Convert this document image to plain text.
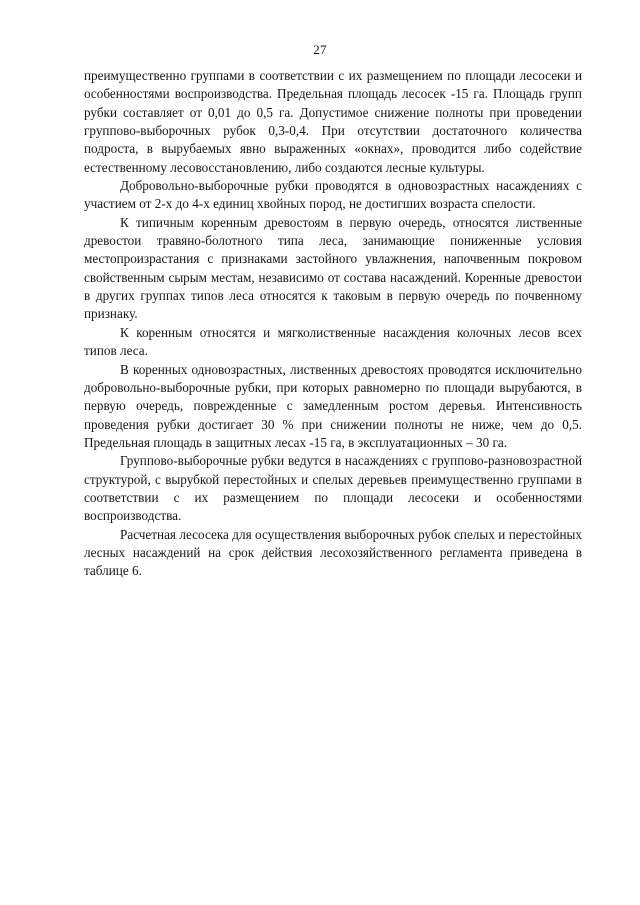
27

преимущественно группами в соответствии с их размещением по площади лесосеки и особенностями воспроизводства. Предельная площадь лесосек -15 га. Площадь групп рубки составляет от 0,01 до 0,5 га. Допустимое снижение полноты при проведении группово-выборочных рубок 0,3-0,4. При отсутствии достаточного количества подроста, в вырубаемых явно выраженных «окнах», проводится либо содействие естественному лесовосстановлению, либо создаются лесные культуры.

Добровольно-выборочные рубки проводятся в одновозрастных насаждениях с участием от 2-х до 4-х единиц хвойных пород, не достигших возраста спелости.

К типичным коренным древостоям в первую очередь, относятся лиственные древостои травяно-болотного типа леса, занимающие пониженные условия местопроизрастания с признаками застойного увлажнения, напочвенным покровом свойственным сырым местам, независимо от состава насаждений. Коренные древостои в других группах типов леса относятся к таковым в первую очередь по почвенному признаку.

К коренным относятся и мягколиственные насаждения колочных лесов всех типов леса.

В коренных одновозрастных, лиственных древостоях проводятся исключительно добровольно-выборочные рубки, при которых равномерно по площади вырубаются, в первую очередь, поврежденные с замедленным ростом деревья. Интенсивность проведения рубки достигает 30 % при снижении полноты не ниже, чем до 0,5. Предельная площадь в защитных лесах -15 га, в эксплуатационных – 30 га.

Группово-выборочные рубки ведутся в насаждениях с группово-разновозрастной структурой, с вырубкой перестойных и спелых деревьев преимущественно группами в соответствии с их размещением по площади лесосеки и особенностями воспроизводства.

Расчетная лесосека для осуществления выборочных рубок спелых и перестойных лесных насаждений на срок действия лесохозяйственного регламента приведена в таблице 6.
